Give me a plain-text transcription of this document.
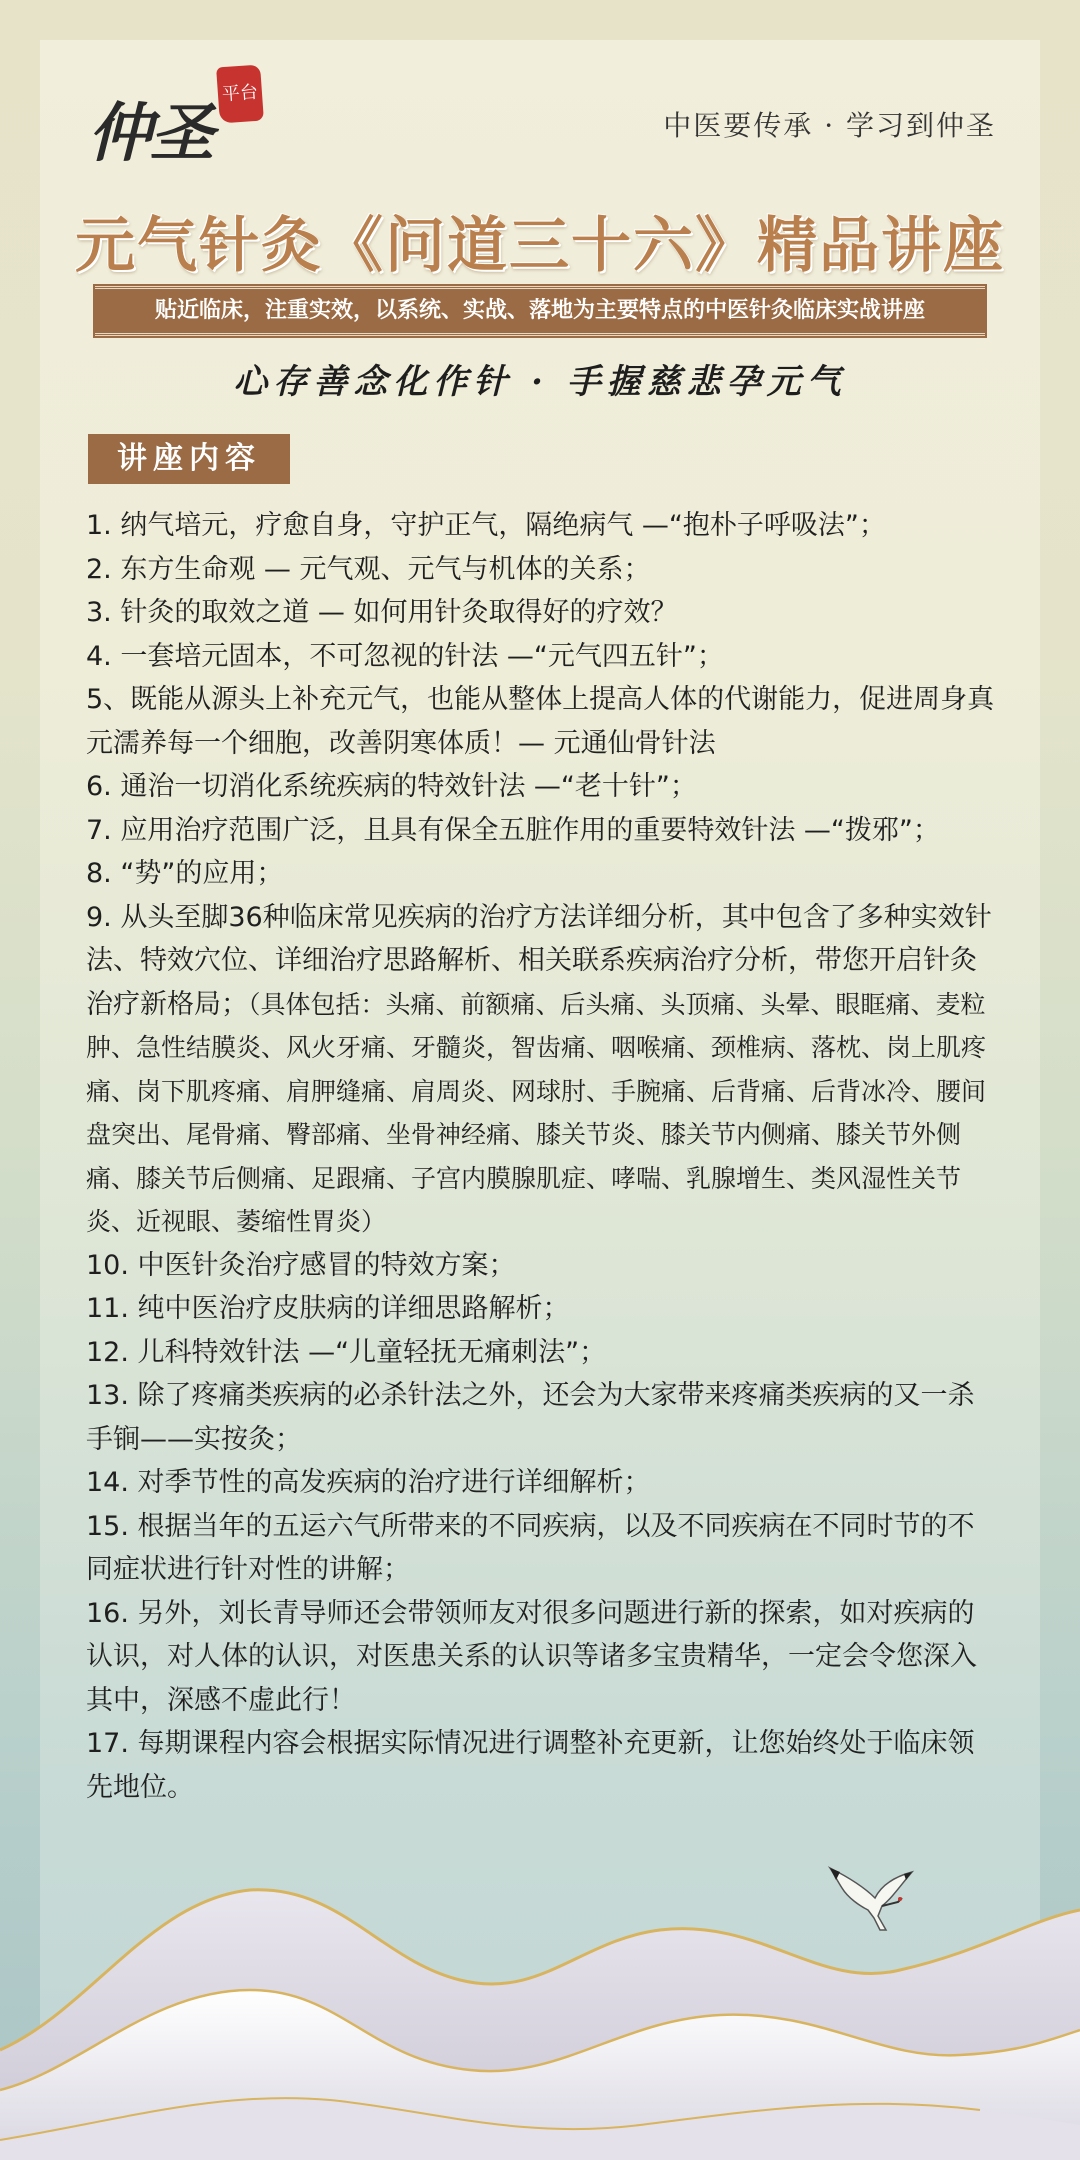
仲圣
平台
中医要传承 · 学习到仲圣
元气针灸《问道三十六》精品讲座
贴近临床，注重实效，以系统、实战、落地为主要特点的中医针灸临床实战讲座
心存善念化作针 · 手握慈悲孕元气
讲座内容

1. 纳气培元，疗愈自身，守护正气，隔绝病气 —“抱朴子呼吸法”；

2. 东方生命观 — 元气观、元气与机体的关系；

3. 针灸的取效之道 — 如何用针灸取得好的疗效？

4. 一套培元固本，不可忽视的针法 —“元气四五针”；

5、既能从源头上补充元气，也能从整体上提高人体的代谢能力，促进周身真元濡养每一个细胞，改善阴寒体质！— 元通仙骨针法

6. 通治一切消化系统疾病的特效针法 —“老十针”；

7. 应用治疗范围广泛，且具有保全五脏作用的重要特效针法 —“拨邪”；

8. “势”的应用；

9. 从头至脚36种临床常见疾病的治疗方法详细分析，其中包含了多种实效针法、特效穴位、详细治疗思路解析、相关联系疾病治疗分析，带您开启针灸治疗新格局；（具体包括：头痛、前额痛、后头痛、头顶痛、头晕、眼眶痛、麦粒肿、急性结膜炎、风火牙痛、牙髓炎，智齿痛、咽喉痛、颈椎病、落枕、岗上肌疼痛、岗下肌疼痛、肩胛缝痛、肩周炎、网球肘、手腕痛、后背痛、后背冰冷、腰间盘突出、尾骨痛、臀部痛、坐骨神经痛、膝关节炎、膝关节内侧痛、膝关节外侧痛、膝关节后侧痛、足跟痛、子宫内膜腺肌症、哮喘、乳腺增生、类风湿性关节炎、近视眼、萎缩性胃炎）

10. 中医针灸治疗感冒的特效方案；

11. 纯中医治疗皮肤病的详细思路解析；

12. 儿科特效针法 —“儿童轻抚无痛刺法”；

13. 除了疼痛类疾病的必杀针法之外，还会为大家带来疼痛类疾病的又一杀手锏——实按灸；

14. 对季节性的高发疾病的治疗进行详细解析；

15. 根据当年的五运六气所带来的不同疾病，以及不同疾病在不同时节的不同症状进行针对性的讲解；

16. 另外，刘长青导师还会带领师友对很多问题进行新的探索，如对疾病的认识，对人体的认识，对医患关系的认识等诸多宝贵精华，一定会令您深入其中，深感不虚此行！

17. 每期课程内容会根据实际情况进行调整补充更新，让您始终处于临床领先地位。
